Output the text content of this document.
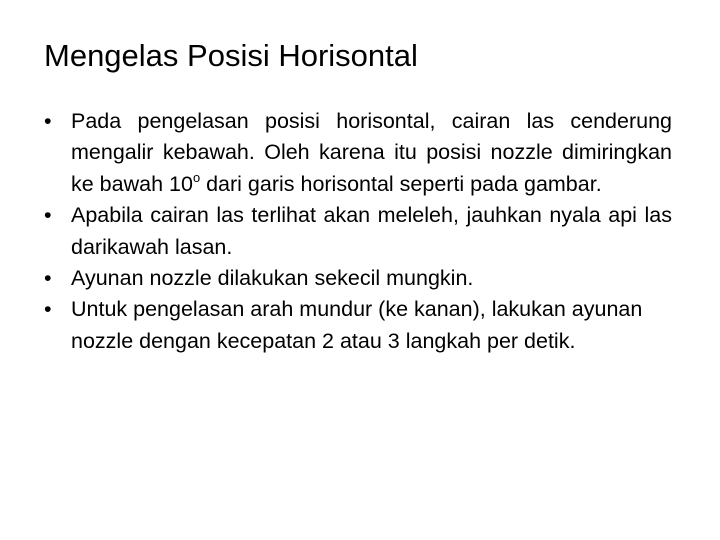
Mengelas Posisi Horisontal
• Pada pengelasan posisi horisontal, cairan las cenderung mengalir kebawah. Oleh karena itu posisi nozzle dimiringkan ke bawah 10$^o$ dari garis horisontal seperti pada gambar.
• Apabila cairan las terlihat akan meleleh, jauhkan nyala api las darikawah lasan.
• Ayunan nozzle dilakukan sekecil mungkin.
• Untuk pengelasan arah mundur (ke kanan), lakukan ayunan nozzle dengan kecepatan 2 atau 3 langkah per detik.
